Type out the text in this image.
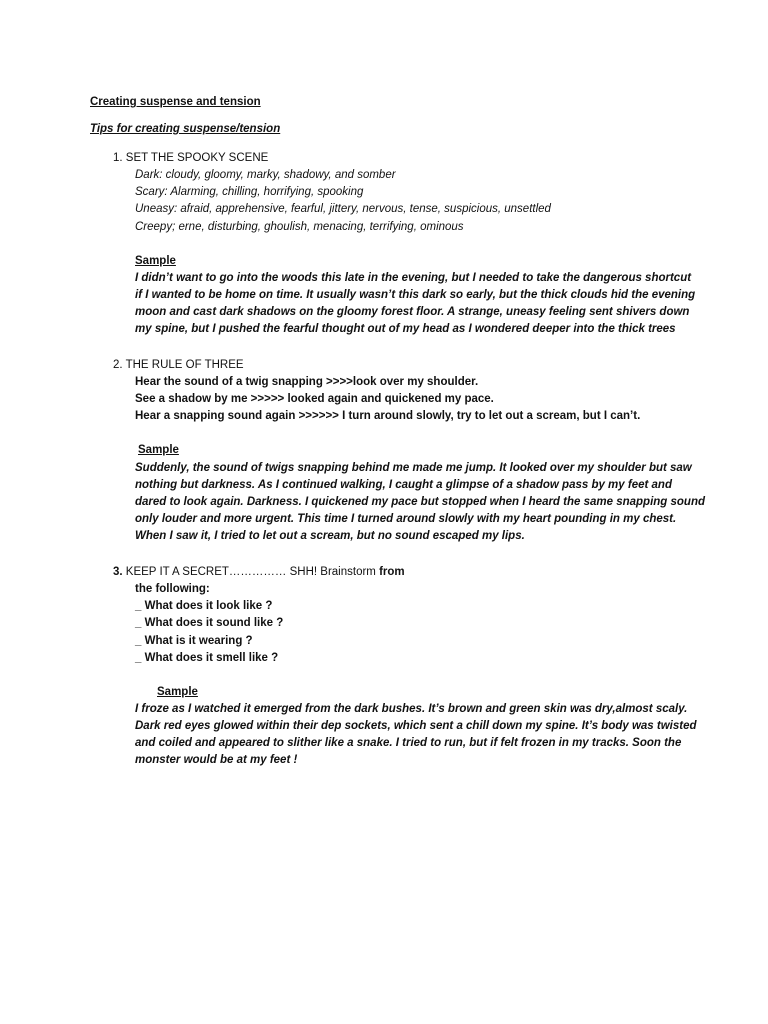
Creating suspense and tension
Tips for creating suspense/tension
1. SET THE SPOOKY SCENE
Dark: cloudy, gloomy, marky, shadowy, and somber
Scary: Alarming, chilling, horrifying, spooking
Uneasy: afraid, apprehensive, fearful, jittery, nervous, tense, suspicious, unsettled
Creepy; erne, disturbing, ghoulish, menacing, terrifying, ominous
Sample
I didn’t want to go into the woods this late in the evening, but I needed to take the dangerous shortcut
if I wanted to be home on time. It usually wasn’t this dark so early, but the thick clouds hid the evening
moon and cast dark shadows on the gloomy forest floor. A strange, uneasy feeling sent shivers down
my spine, but I pushed the fearful thought out of my head as I wondered deeper into the thick trees
2. THE RULE OF THREE
Hear the sound of a twig snapping >>>>look over my shoulder.
See a shadow by me >>>>> looked again and quickened my pace.
Hear a snapping sound again >>>>>> I turn around slowly, try to let out a scream, but I can’t.
Sample
Suddenly, the sound of twigs snapping behind me made me jump. It looked over my shoulder but saw
nothing but darkness. As I continued walking, I caught a glimpse of a shadow pass by my feet and
dared to look again. Darkness. I quickened my pace but stopped when I heard the same snapping sound
only louder and more urgent. This time I turned around slowly with my heart pounding in my chest.
When I saw it, I tried to let out a scream, but no sound escaped my lips.
3. KEEP IT A SECRET…………… SHH! Brainstorm from
the following:
_ What does it look like ?
_ What does it sound like ?
_ What is it wearing ?
_ What does it smell like ?
Sample
I froze as I watched it emerged from the dark bushes. It’s brown and green skin was dry,almost scaly.
Dark red eyes glowed within their dep sockets, which sent a chill down my spine. It’s body was twisted
and coiled and appeared to slither like a snake. I tried to run, but if felt frozen in my tracks. Soon the
monster would be at my feet !
